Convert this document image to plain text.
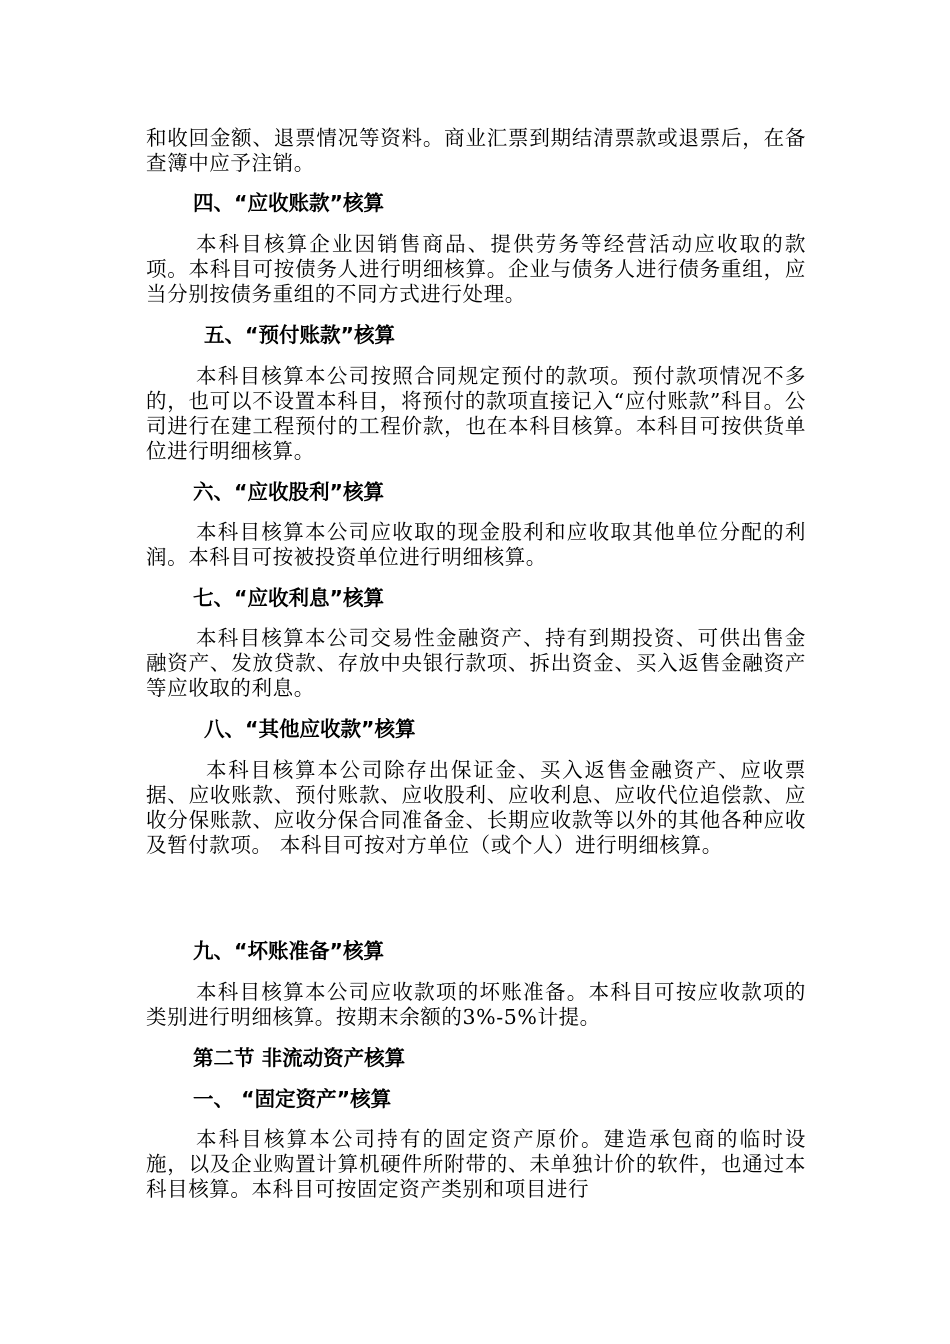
和收回金额、退票情况等资料。商业汇票到期结清票款或退票后，在备查簿中应予注销。

四、“应收账款”核算

本科目核算企业因销售商品、提供劳务等经营活动应收取的款项。本科目可按债务人进行明细核算。企业与债务人进行债务重组，应当分别按债务重组的不同方式进行处理。

五、“预付账款”核算

本科目核算本公司按照合同规定预付的款项。预付款项情况不多的，也可以不设置本科目，将预付的款项直接记入“应付账款”科目。公司进行在建工程预付的工程价款，也在本科目核算。本科目可按供货单位进行明细核算。

六、“应收股利”核算

本科目核算本公司应收取的现金股利和应收取其他单位分配的利润。本科目可按被投资单位进行明细核算。

七、“应收利息”核算

本科目核算本公司交易性金融资产、持有到期投资、可供出售金融资产、发放贷款、存放中央银行款项、拆出资金、买入返售金融资产等应收取的利息。

八、“其他应收款”核算

本科目核算本公司除存出保证金、买入返售金融资产、应收票据、应收账款、预付账款、应收股利、应收利息、应收代位追偿款、应收分保账款、应收分保合同准备金、长期应收款等以外的其他各种应收及暂付款项。 本科目可按对方单位（或个人）进行明细核算。

九、“坏账准备”核算

本科目核算本公司应收款项的坏账准备。本科目可按应收款项的类别进行明细核算。按期末余额的3%-5%计提。

第二节 非流动资产核算
一、 “固定资产”核算

本科目核算本公司持有的固定资产原价。建造承包商的临时设施，以及企业购置计算机硬件所附带的、未单独计价的软件，也通过本科目核算。本科目可按固定资产类别和项目进行
